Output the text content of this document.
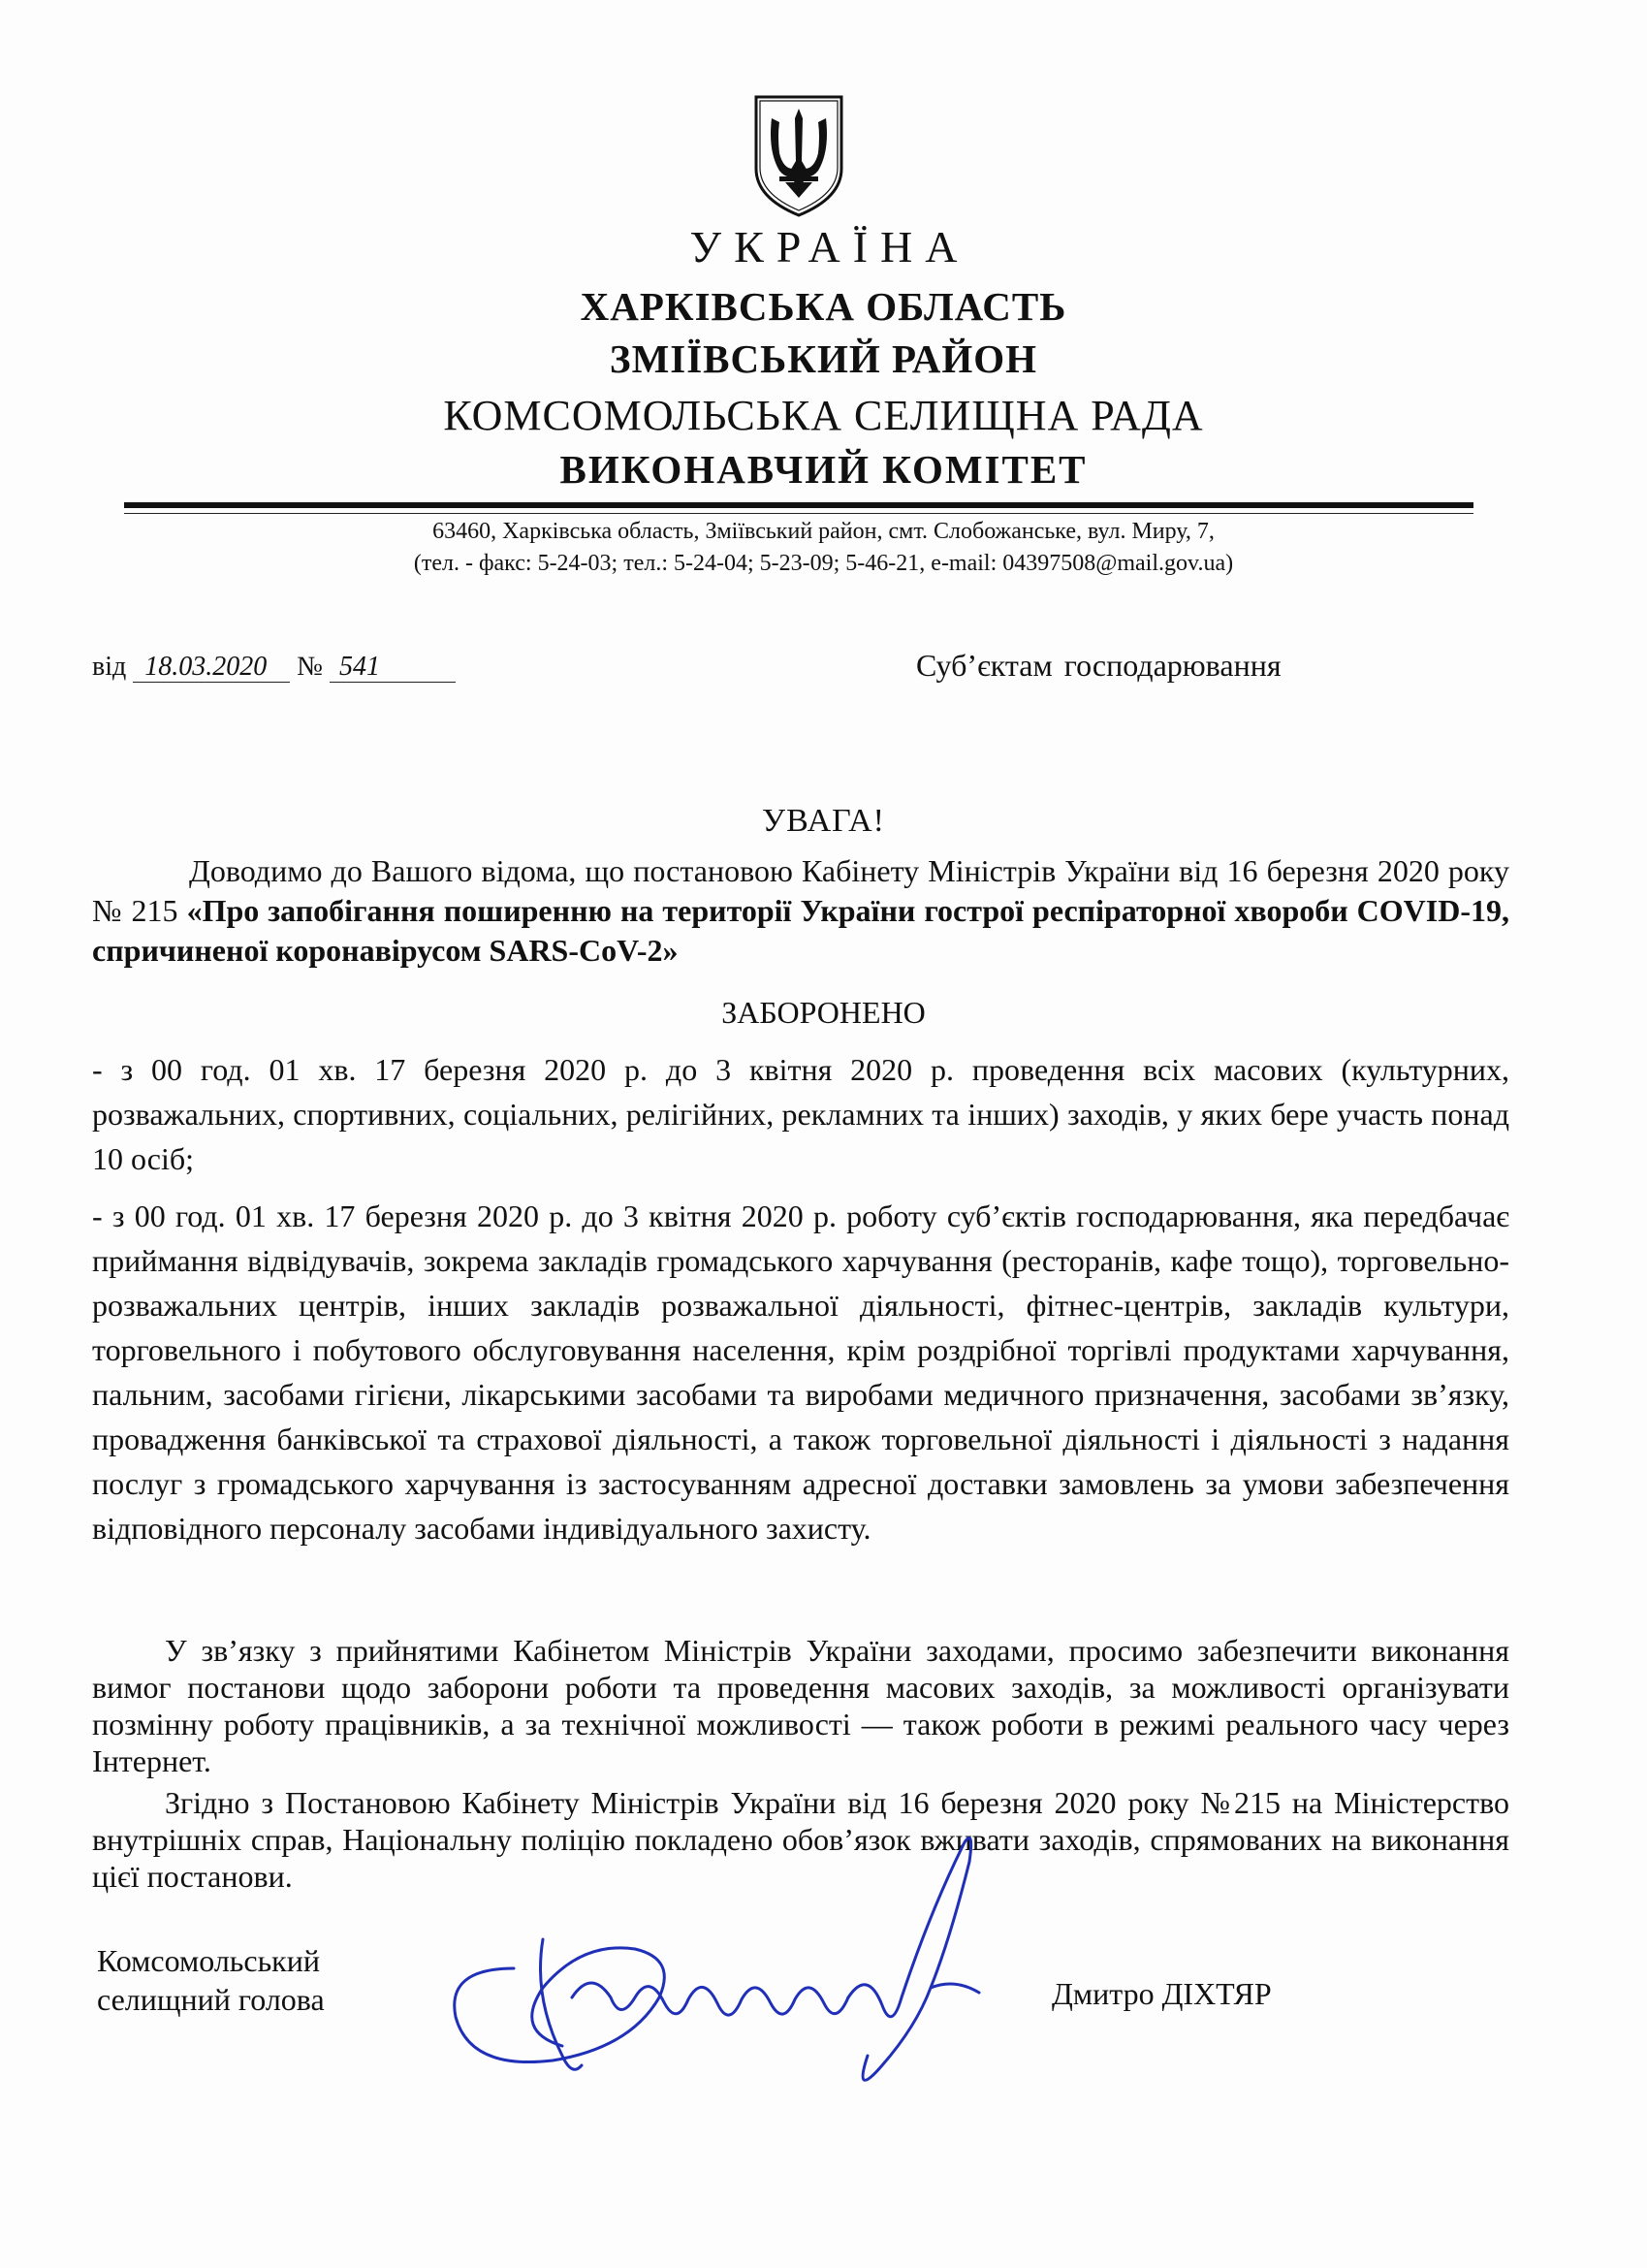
УКРАЇНА
ХАРКІВСЬКА ОБЛАСТЬ
ЗМІЇВСЬКИЙ РАЙОН
КОМСОМОЛЬСЬКА СЕЛИЩНА РАДА
ВИКОНАВЧИЙ КОМІТЕТ
63460, Харківська область, Зміївський район, смт. Слобожанське, вул. Миру, 7,
(тел. - факс: 5-24-03; тел.: 5-24-04; 5-23-09; 5-46-21, e-mail: 04397508@mail.gov.ua)
від 18.03.2020 № 541	Суб’єктам господарювання
УВАГА!
Доводимо до Вашого відома, що постановою Кабінету Міністрів України від 16 березня 2020 року № 215 «Про запобігання поширенню на території України гострої респіраторної хвороби COVID-19, спричиненої коронавірусом SARS-CoV-2»
ЗАБОРОНЕНО
- з 00 год. 01 хв. 17 березня 2020 р. до 3 квітня 2020 р. проведення всіх масових (культурних, розважальних, спортивних, соціальних, релігійних, рекламних та інших) заходів, у яких бере участь понад 10 осіб;
- з 00 год. 01 хв. 17 березня 2020 р. до 3 квітня 2020 р. роботу суб’єктів господарювання, яка передбачає приймання відвідувачів, зокрема закладів громадського харчування (ресторанів, кафе тощо), торговельно-розважальних центрів, інших закладів розважальної діяльності, фітнес-центрів, закладів культури, торговельного і побутового обслуговування населення, крім роздрібної торгівлі продуктами харчування, пальним, засобами гігієни, лікарськими засобами та виробами медичного призначення, засобами зв’язку, провадження банківської та страхової діяльності, а також торговельної діяльності і діяльності з надання послуг з громадського харчування із застосуванням адресної доставки замовлень за умови забезпечення відповідного персоналу засобами індивідуального захисту.
У зв’язку з прийнятими Кабінетом Міністрів України заходами, просимо забезпечити виконання вимог постанови щодо заборони роботи та проведення масових заходів, за можливості організувати позмінну роботу працівників, а за технічної можливості — також роботи в режимі реального часу через Інтернет.
Згідно з Постановою Кабінету Міністрів України від 16 березня 2020 року №215 на Міністерство внутрішніх справ, Національну поліцію покладено обов’язок вживати заходів, спрямованих на виконання цієї постанови.
Комсомольський
селищний голова	Дмитро ДІХТЯР
